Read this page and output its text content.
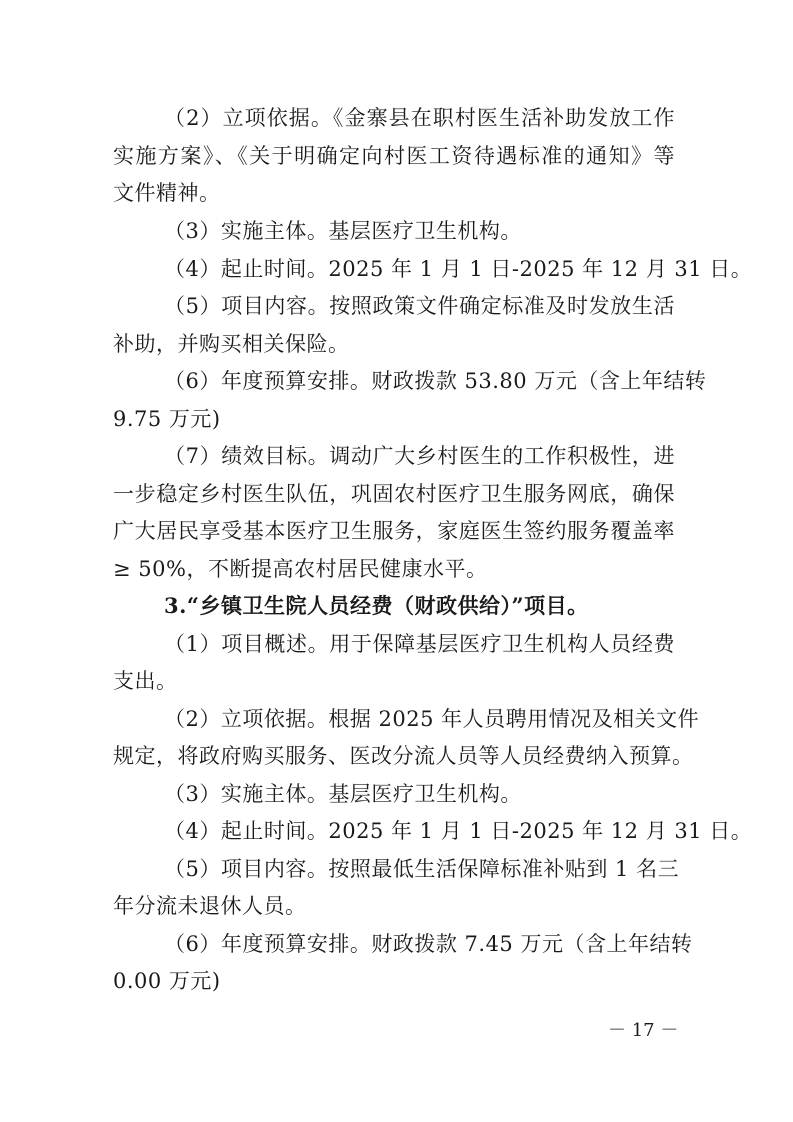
（2）立项依据。《金寨县在职村医生活补助发放工作
实施方案》、《关于明确定向村医工资待遇标准的通知》等
文件精神。
（3）实施主体。基层医疗卫生机构。
（4）起止时间。2025 年 1 月 1 日-2025 年 12 月 31 日。
（5）项目内容。按照政策文件确定标准及时发放生活
补助，并购买相关保险。
（6）年度预算安排。财政拨款 53.80 万元（含上年结转
9.75 万元)
（7）绩效目标。调动广大乡村医生的工作积极性，进
一步稳定乡村医生队伍，巩固农村医疗卫生服务网底，确保
广大居民享受基本医疗卫生服务，家庭医生签约服务覆盖率
≥ 50%，不断提高农村居民健康水平。
3.“乡镇卫生院人员经费（财政供给）”项目。
（1）项目概述。用于保障基层医疗卫生机构人员经费
支出。
（2）立项依据。根据 2025 年人员聘用情况及相关文件
规定，将政府购买服务、医改分流人员等人员经费纳入预算。
（3）实施主体。基层医疗卫生机构。
（4）起止时间。2025 年 1 月 1 日-2025 年 12 月 31 日。
（5）项目内容。按照最低生活保障标准补贴到 1 名三
年分流未退休人员。
（6）年度预算安排。财政拨款 7.45 万元（含上年结转
0.00 万元)
－ 17 －
